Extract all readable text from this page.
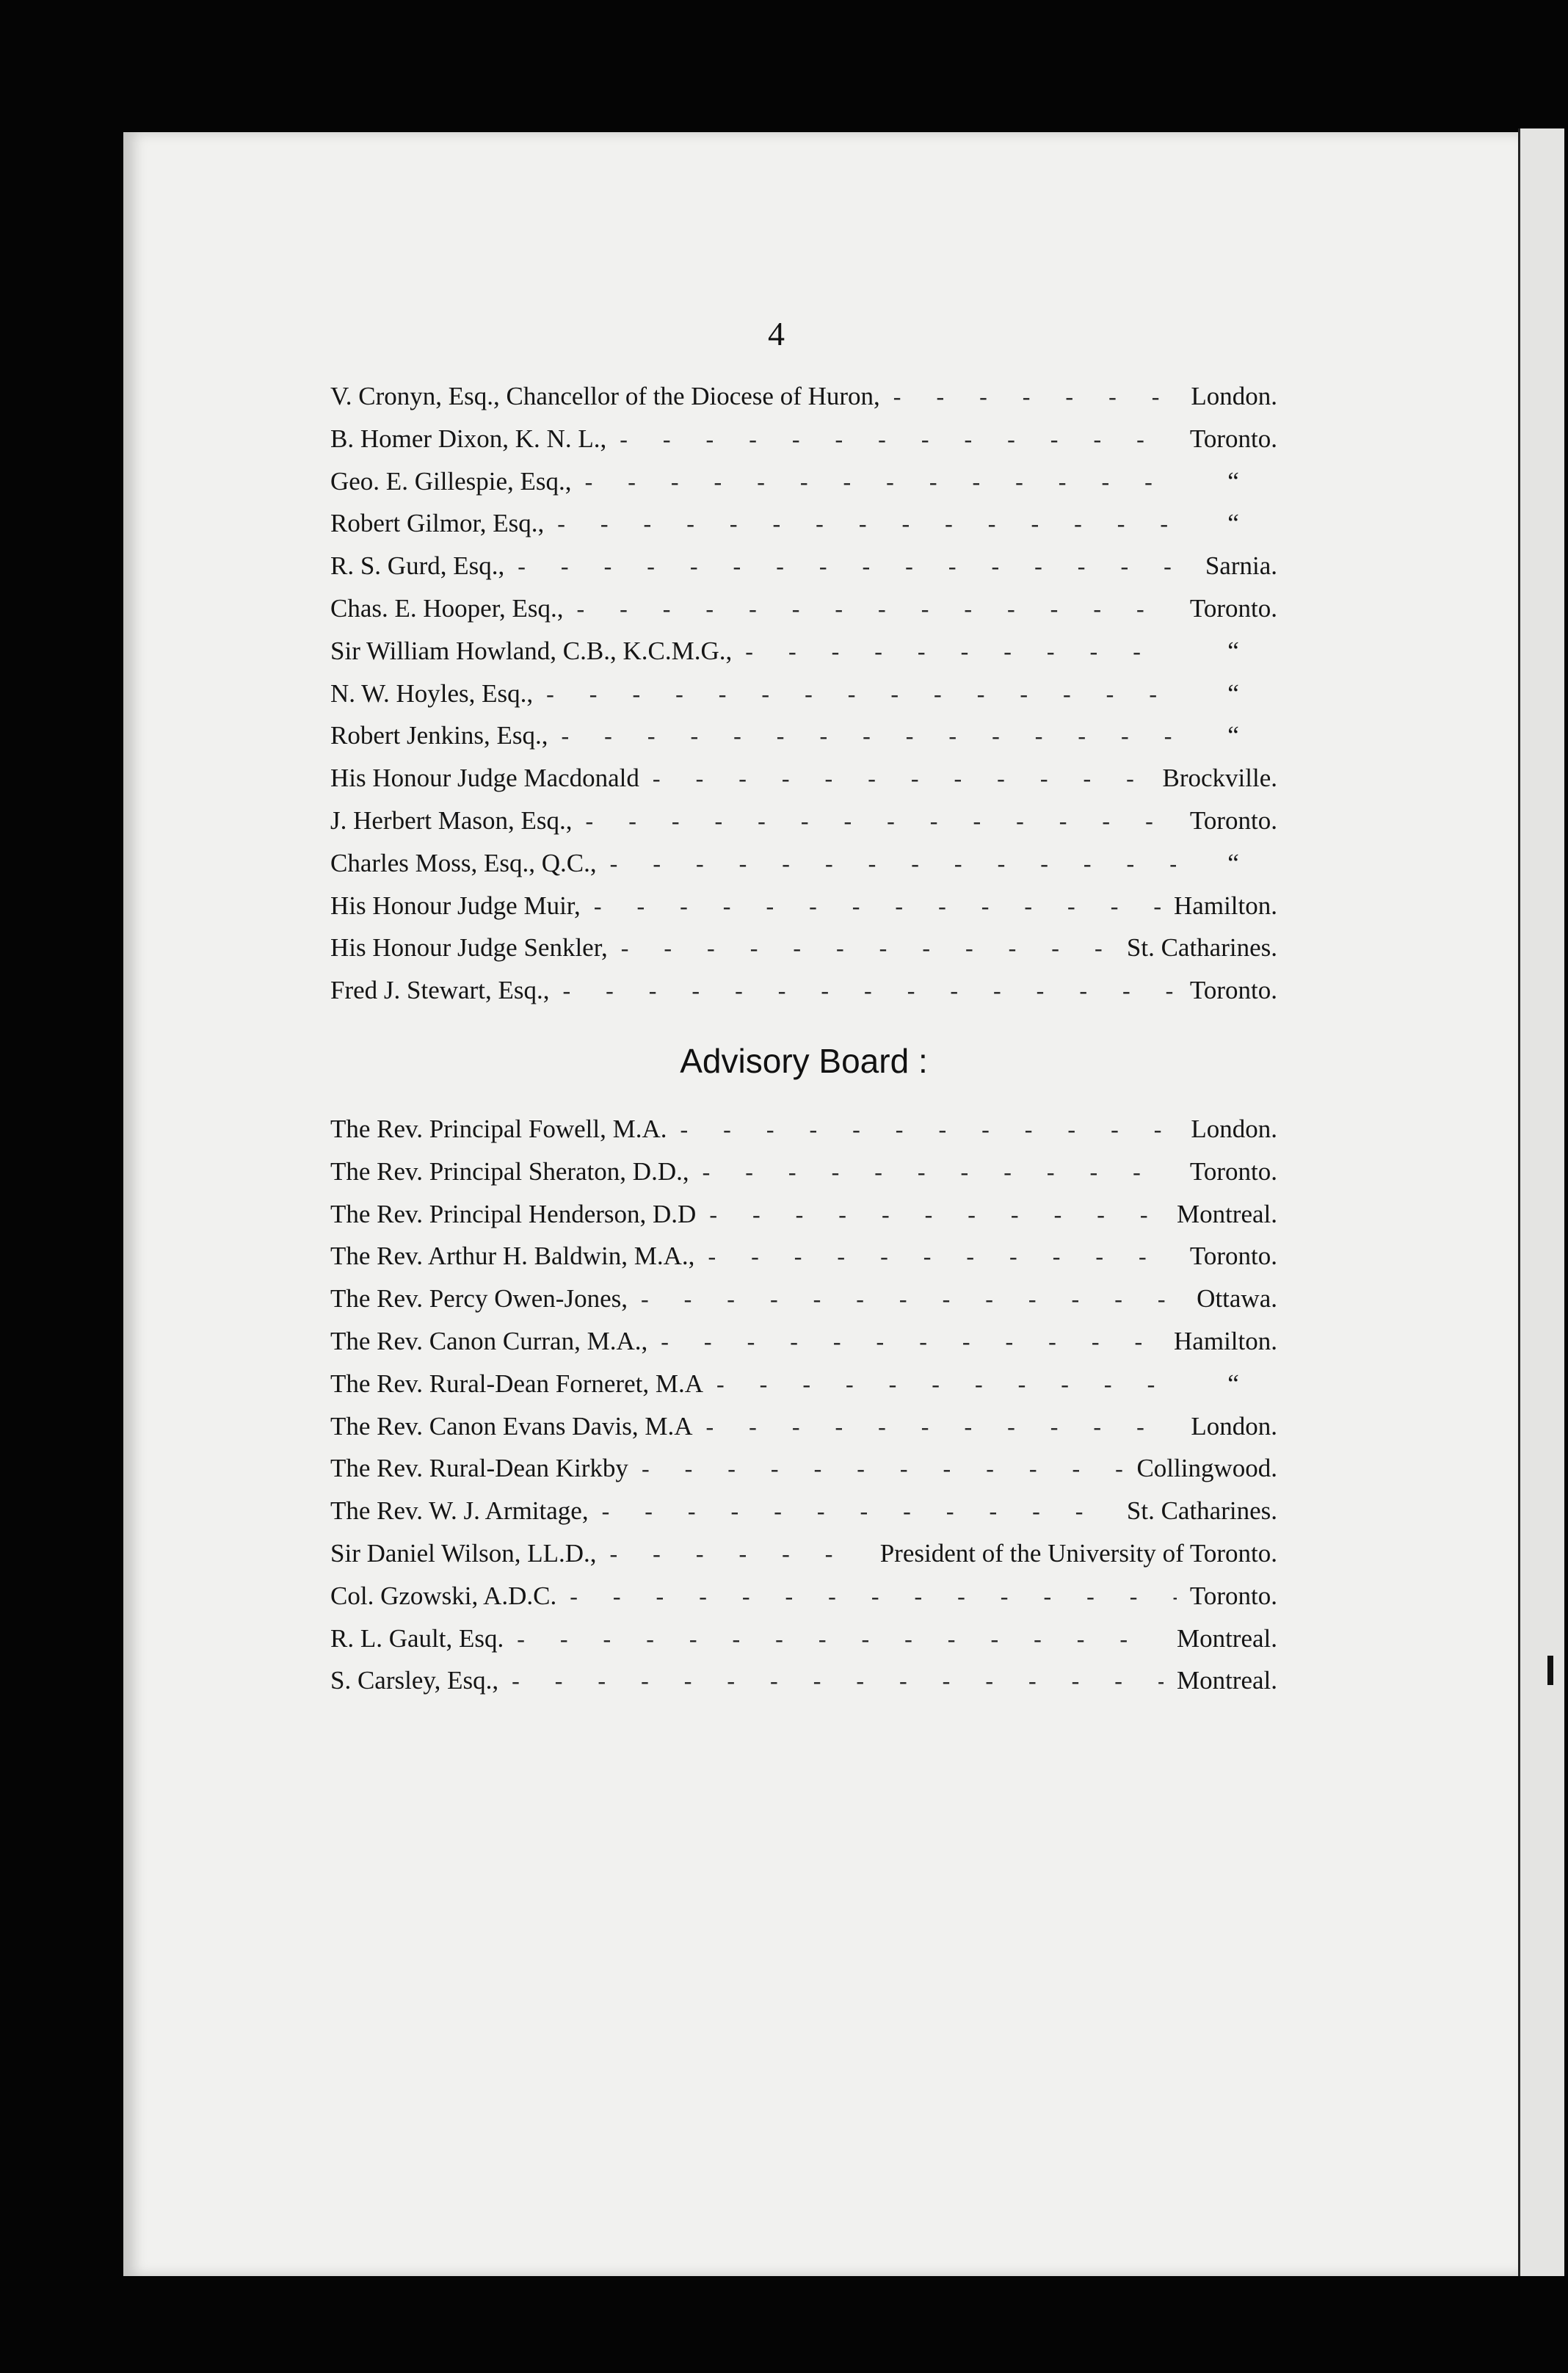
4
V. Cronyn, Esq., Chancellor of the Diocese of Huron, -	London.
B. Homer Dixon, K. N. L., -	Toronto.
Geo. E. Gillespie, Esq., -	“
Robert Gilmor, Esq., -	“
R. S. Gurd, Esq., -	Sarnia.
Chas. E. Hooper, Esq., -	Toronto.
Sir William Howland, C.B., K.C.M.G., -	“
N. W. Hoyles, Esq., -	“
Robert Jenkins, Esq., -	“
His Honour Judge Macdonald -	Brockville.
J. Herbert Mason, Esq., -	Toronto.
Charles Moss, Esq., Q.C., -	“
His Honour Judge Muir, -	Hamilton.
His Honour Judge Senkler, -	St. Catharines.
Fred J. Stewart, Esq., -	Toronto.
Advisory Board :
The Rev. Principal Fowell, M.A. -	London.
The Rev. Principal Sheraton, D.D., -	Toronto.
The Rev. Principal Henderson, D.D -	Montreal.
The Rev. Arthur H. Baldwin, M.A., -	Toronto.
The Rev. Percy Owen-Jones, -	Ottawa.
The Rev. Canon Curran, M.A., -	Hamilton.
The Rev. Rural-Dean Forneret, M.A -	“
The Rev. Canon Evans Davis, M.A -	London.
The Rev. Rural-Dean Kirkby -	Collingwood.
The Rev. W. J. Armitage, -	St. Catharines.
Sir Daniel Wilson, LL.D., -	President of the University of Toronto.
Col. Gzowski, A.D.C. -	Toronto.
R. L. Gault, Esq. -	Montreal.
S. Carsley, Esq., -	Montreal.
